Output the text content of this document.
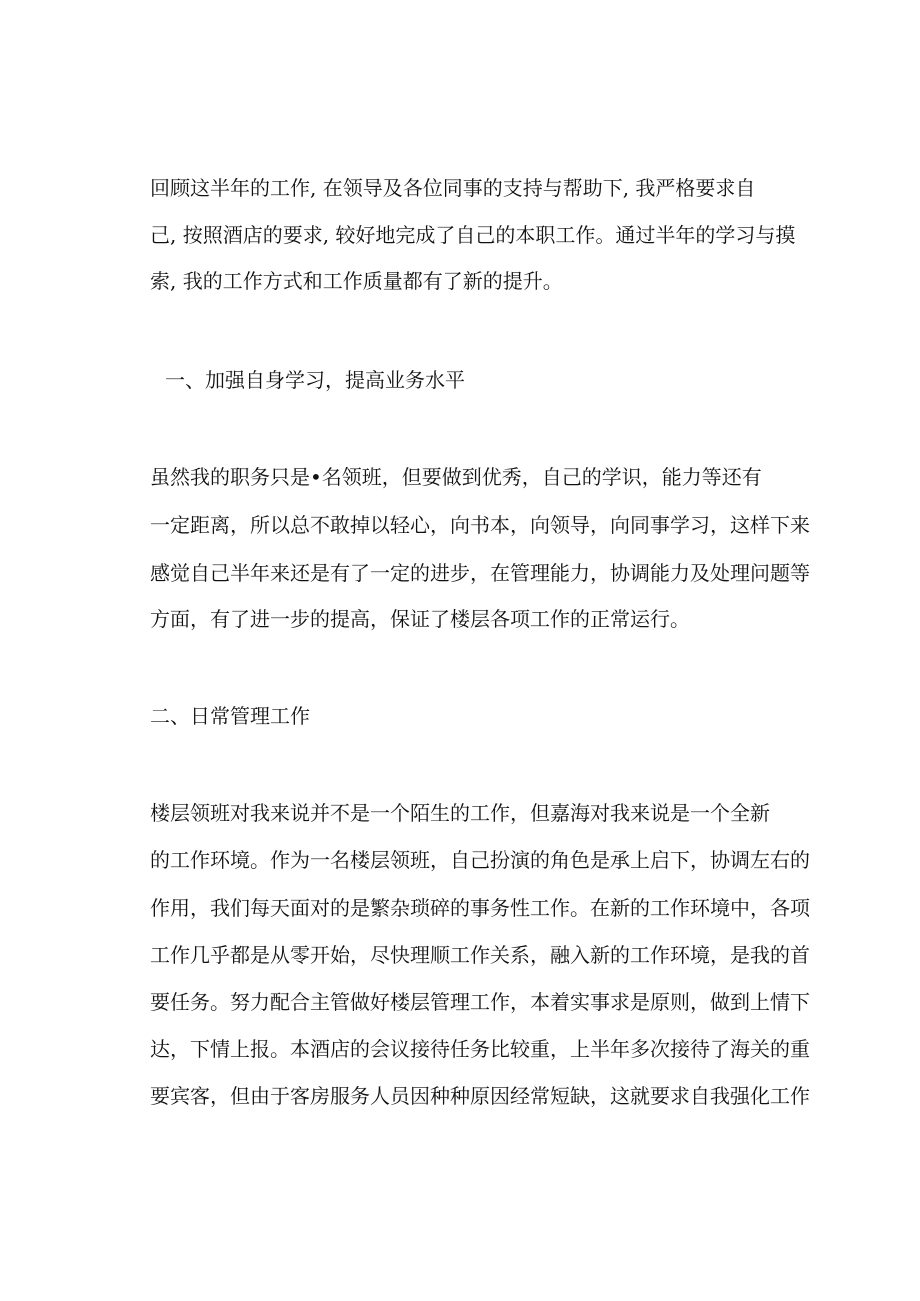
回顾这半年的工作, 在领导及各位同事的支持与帮助下, 我严格要求自
己, 按照酒店的要求, 较好地完成了自己的本职工作。通过半年的学习与摸
索, 我的工作方式和工作质量都有了新的提升。
一、加强自身学习，提高业务水平
虽然我的职务只是•名领班，但要做到优秀，自己的学识，能力等还有
一定距离，所以总不敢掉以轻心，向书本，向领导，向同事学习，这样下来
感觉自己半年来还是有了一定的进步，在管理能力，协调能力及处理问题等
方面，有了进一步的提高，保证了楼层各项工作的正常运行。
二、日常管理工作
楼层领班对我来说并不是一个陌生的工作，但嘉海对我来说是一个全新
的工作环境。作为一名楼层领班，自己扮演的角色是承上启下，协调左右的
作用，我们每天面对的是繁杂琐碎的事务性工作。在新的工作环境中，各项
工作几乎都是从零开始，尽快理顺工作关系，融入新的工作环境，是我的首
要任务。努力配合主管做好楼层管理工作，本着实事求是原则，做到上情下
达，下情上报。本酒店的会议接待任务比较重，上半年多次接待了海关的重
要宾客，但由于客房服务人员因种种原因经常短缺，这就要求自我强化工作
